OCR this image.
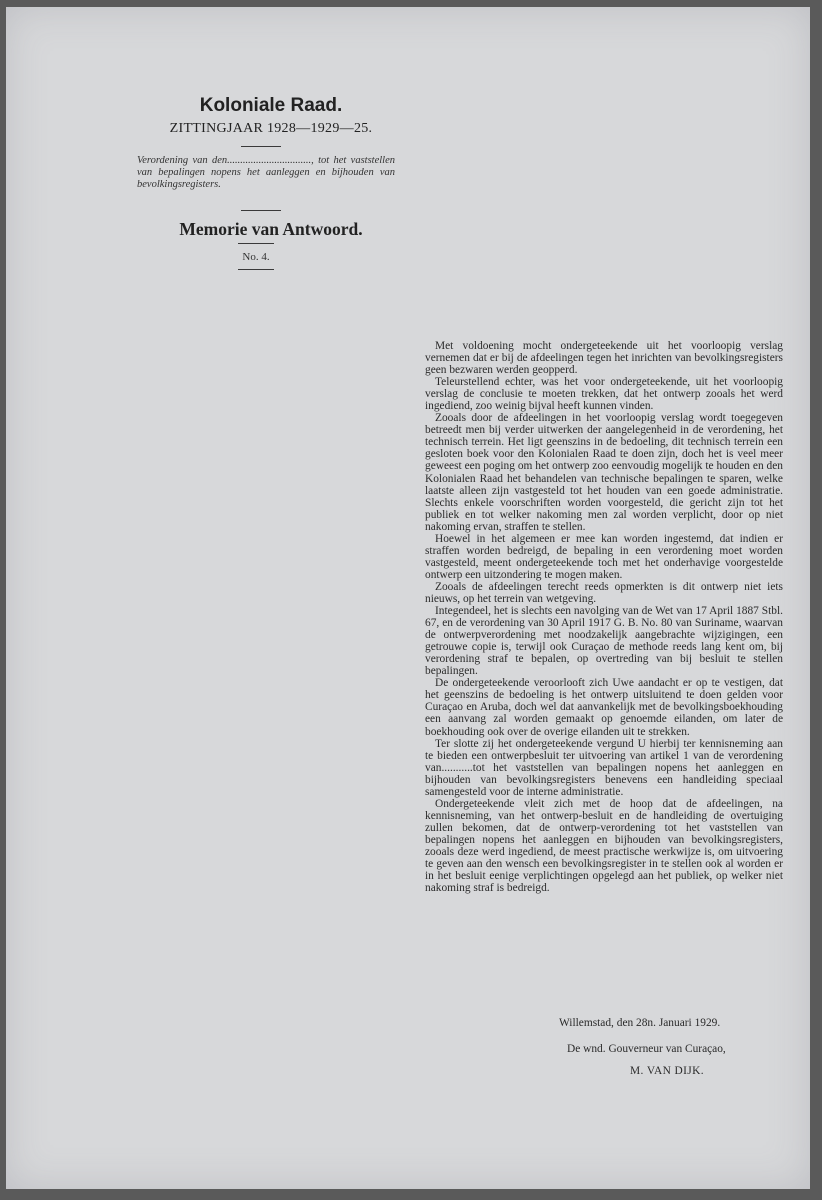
Koloniale Raad.
ZITTINGJAAR 1928—1929—25.
Verordening van den................................, tot het vaststellen van bepalingen nopens het aanleggen en bijhouden van bevolkingsregisters.
Memorie van Antwoord.
No. 4.

Met voldoening mocht ondergeteekende uit het voorloopig verslag vernemen dat er bij de afdeelingen tegen het inrichten van bevolkingsregisters geen bezwaren werden geopperd.

Teleurstellend echter, was het voor ondergeteekende, uit het voorloopig verslag de conclusie te moeten trekken, dat het ontwerp zooals het werd ingediend, zoo weinig bijval heeft kunnen vinden.

Zooals door de afdeelingen in het voorloopig verslag wordt toegegeven betreedt men bij verder uitwerken der aangelegenheid in de verordening, het technisch terrein. Het ligt geenszins in de bedoeling, dit technisch terrein een gesloten boek voor den Kolonialen Raad te doen zijn, doch het is veel meer geweest een poging om het ontwerp zoo eenvoudig mogelijk te houden en den Kolonialen Raad het behandelen van technische bepalingen te sparen, welke laatste alleen zijn vastgesteld tot het houden van een goede administratie. Slechts enkele voorschriften worden voorgesteld, die gericht zijn tot het publiek en tot welker nakoming men zal worden verplicht, door op niet nakoming ervan, straffen te stellen.

Hoewel in het algemeen er mee kan worden ingestemd, dat indien er straffen worden bedreigd, de bepaling in een verordening moet worden vastgesteld, meent ondergeteekende toch met het onderhavige voorgestelde ontwerp een uitzondering te mogen maken.

Zooals de afdeelingen terecht reeds opmerkten is dit ontwerp niet iets nieuws, op het terrein van wetgeving.

Integendeel, het is slechts een navolging van de Wet van 17 April 1887 Stbl. 67, en de verordening van 30 April 1917 G. B. No. 80 van Suriname, waarvan de ontwerpverordening met noodzakelijk aangebrachte wijzigingen, een getrouwe copie is, terwijl ook Curaçao de methode reeds lang kent om, bij verordening straf te bepalen, op overtreding van bij besluit te stellen bepalingen.

De ondergeteekende veroorlooft zich Uwe aandacht er op te vestigen, dat het geenszins de bedoeling is het ontwerp uitsluitend te doen gelden voor Curaçao en Aruba, doch wel dat aanvankelijk met de bevolkingsboekhouding een aanvang zal worden gemaakt op genoemde eilanden, om later de boekhouding ook over de overige eilanden uit te strekken.

Ter slotte zij het ondergeteekende vergund U hierbij ter kennisneming aan te bieden een ontwerpbesluit ter uitvoering van artikel 1 van de verordening van...........tot het vaststellen van bepalingen nopens het aanleggen en bijhouden van bevolkingsregisters benevens een handleiding speciaal samengesteld voor de interne administratie.

Ondergeteekende vleit zich met de hoop dat de afdeelingen, na kennisneming, van het ontwerp-besluit en de handleiding de overtuiging zullen bekomen, dat de ontwerp-verordening tot het vaststellen van bepalingen nopens het aanleggen en bijhouden van bevolkingsregisters, zooals deze werd ingediend, de meest practische werkwijze is, om uitvoering te geven aan den wensch een bevolkingsregister in te stellen ook al worden er in het besluit eenige verplichtingen opgelegd aan het publiek, op welker niet nakoming straf is bedreigd.

Willemstad, den 28n. Januari 1929.
De wnd. Gouverneur van Curaçao,
M. VAN DIJK.
